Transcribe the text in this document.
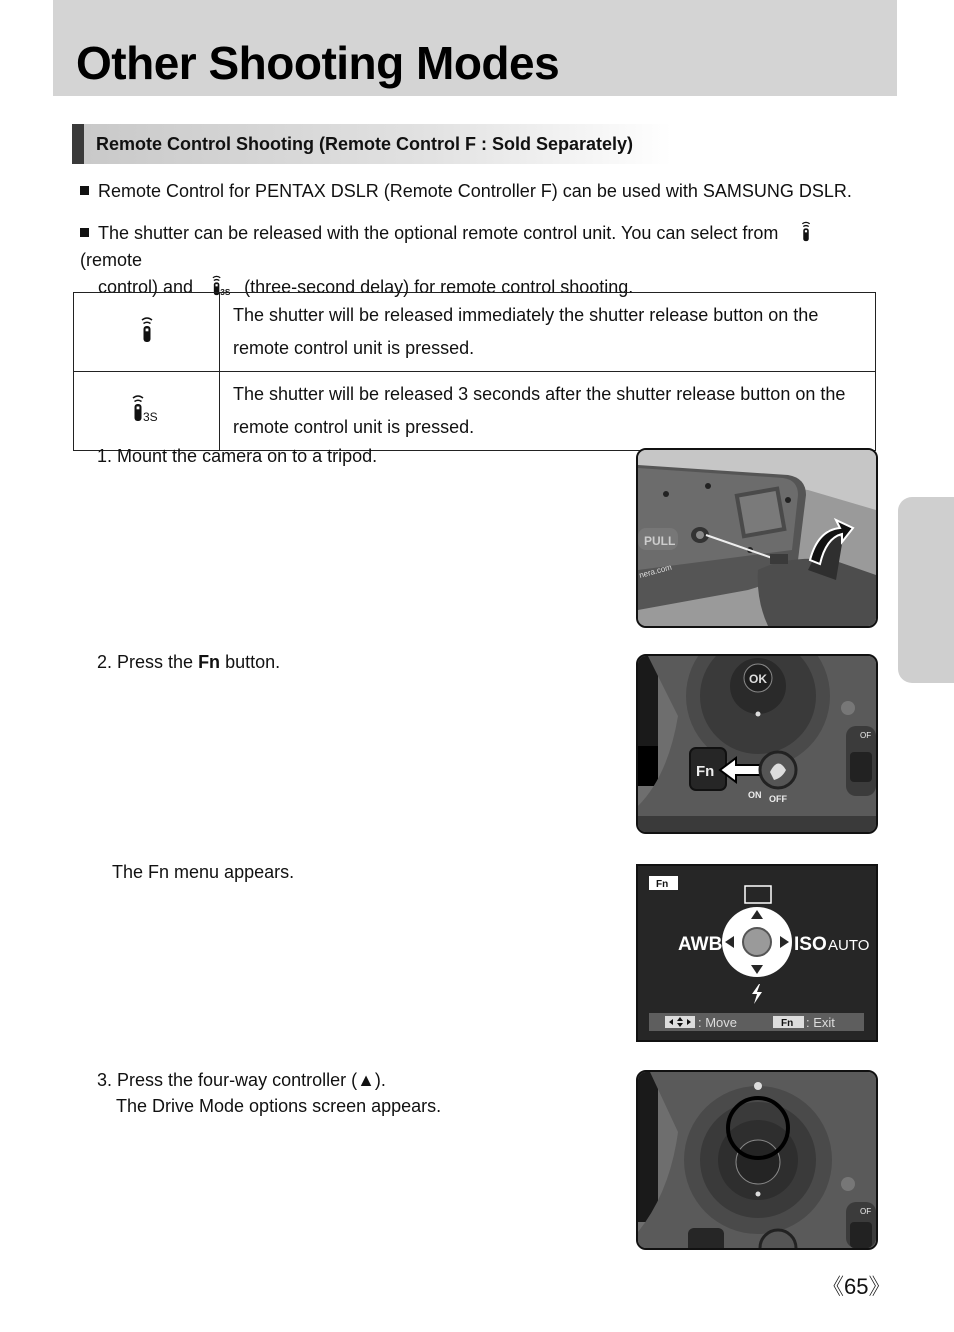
Other Shooting Modes
Remote Control Shooting (Remote Control F : Sold Separately)
Remote Control for PENTAX DSLR (Remote Controller F) can be used with SAMSUNG DSLR.
The shutter can be released with the optional remote control unit. You can select from (remote
control) and	3S (three-second delay) for remote control shooting.
	The shutter will be released immediately the shutter release button on the remote control unit is pressed.

3S	The shutter will be released 3 seconds after the shutter release button on the remote control unit is pressed.
1. Mount the camera on to a tripod.
PULL
nera.com
2. Press the Fn button.
OK
OF
Fn
ON OFF
The Fn menu appears.
Fn
AWB	ISO AUTO
: Move	Fn : Exit
3. Press the four-way controller (▲).
The Drive Mode options screen appears.
OF
《65》
